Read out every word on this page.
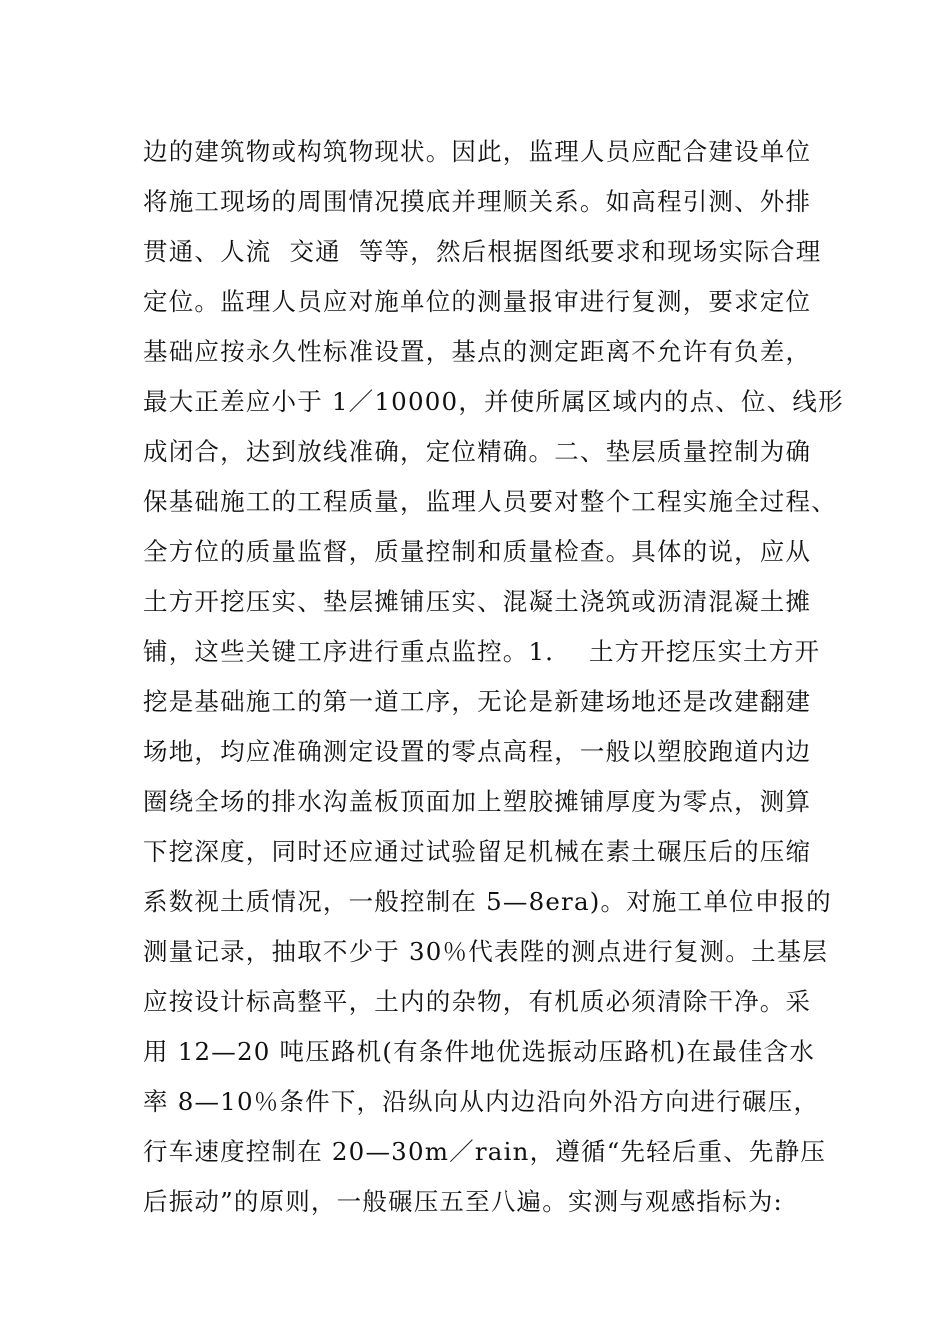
边的建筑物或构筑物现状。因此，监理人员应配合建设单位
将施工现场的周围情况摸底并理顺关系。如高程引测、外排
贯通、人流  交通  等等，然后根据图纸要求和现场实际合理
定位。监理人员应对施单位的测量报审进行复测，要求定位
基础应按永久性标准设置，基点的测定距离不允许有负差，
最大正差应小于 1／10000，并使所属区域内的点、位、线形
成闭合，达到放线准确，定位精确。二、垫层质量控制为确
保基础施工的工程质量，监理人员要对整个工程实施全过程、
全方位的质量监督，质量控制和质量检查。具体的说，应从
土方开挖压实、垫层摊铺压实、混凝土浇筑或沥清混凝土摊
铺，这些关键工序进行重点监控。1．  土方开挖压实土方开
挖是基础施工的第一道工序，无论是新建场地还是改建翻建
场地，均应准确测定设置的零点高程，一般以塑胶跑道内边
圈绕全场的排水沟盖板顶面加上塑胶摊铺厚度为零点，测算
下挖深度，同时还应通过试验留足机械在素土碾压后的压缩
系数视土质情况，一般控制在 5—8era)。对施工单位申报的
测量记录，抽取不少于 30％代表陛的测点进行复测。土基层
应按设计标高整平，土内的杂物，有机质必须清除干净。采
用 12—20 吨压路机(有条件地优选振动压路机)在最佳含水
率 8—10％条件下，沿纵向从内边沿向外沿方向进行碾压，
行车速度控制在 20—30m／rain，遵循“先轻后重、先静压
后振动”的原则，一般碾压五至八遍。实测与观感指标为:
